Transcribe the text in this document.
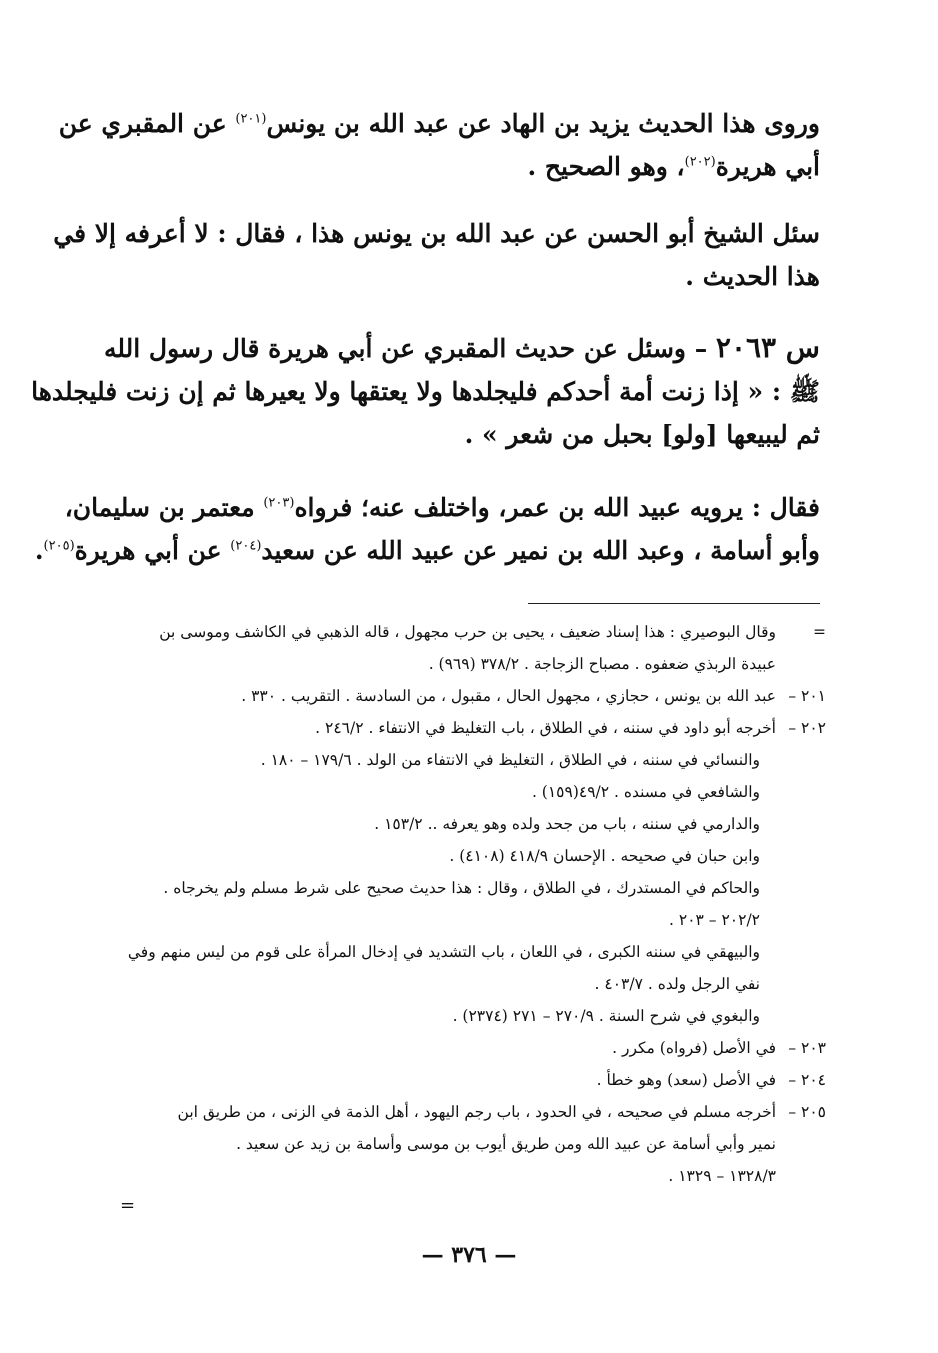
وروى هذا الحديث يزيد بن الهاد عن عبد الله بن يونس$^{(٢٠١)}$ عن المقبري عن
أبي هريرة$^{(٢٠٢)}$، وهو الصحيح .
سئل الشيخ أبو الحسن عن عبد الله بن يونس هذا ، فقال : لا أعرفه إلا في
هذا الحديث .
س ٢٠٦٣ – وسئل عن حديث المقبري عن أبي هريرة قال رسول الله
ﷺ : « إذا زنت أمة أحدكم فليجلدها ولا يعتقها ولا يعيرها ثم إن زنت فليجلدها
ثم ليبيعها [ولو] بحبل من شعر » .
فقال : يرويه عبيد الله بن عمر، واختلف عنه؛ فرواه$^{(٢٠٣)}$ معتمر بن سليمان،
وأبو أسامة ، وعبد الله بن نمير عن عبيد الله عن سعيد$^{(٢٠٤)}$ عن أبي هريرة$^{(٢٠٥)}$.
=
وقال البوصيري : هذا إسناد ضعيف ، يحيى بن حرب مجهول ، قاله الذهبي في الكاشف وموسى بن
عبيدة الربذي ضعفوه . مصباح الزجاجة . ٣٧٨/٢ (٩٦٩) .
٢٠١ –
عبد الله بن يونس ، حجازي ، مجهول الحال ، مقبول ، من السادسة . التقريب . ٣٣٠ .
٢٠٢ –
أخرجه أبو داود في سننه ، في الطلاق ، باب التغليظ في الانتفاء . ٢٤٦/٢ .
والنسائي في سننه ، في الطلاق ، التغليظ في الانتفاء من الولد . ١٧٩/٦ – ١٨٠ .
والشافعي في مسنده . ٤٩/٢(١٥٩) .
والدارمي في سننه ، باب من جحد ولده وهو يعرفه .. ١٥٣/٢ .
وابن حبان في صحيحه . الإحسان ٤١٨/٩ (٤١٠٨) .
والحاكم في المستدرك ، في الطلاق ، وقال : هذا حديث صحيح على شرط مسلم ولم يخرجاه .
٢٠٢/٢ – ٢٠٣ .
والبيهقي في سننه الكبرى ، في اللعان ، باب التشديد في إدخال المرأة على قوم من ليس منهم وفي
نفي الرجل ولده . ٤٠٣/٧ .
والبغوي في شرح السنة . ٢٧٠/٩ – ٢٧١ (٢٣٧٤) .
٢٠٣ –
في الأصل (فرواه) مكرر .
٢٠٤ –
في الأصل (سعد) وهو خطأ .
٢٠٥ –
أخرجه مسلم في صحيحه ، في الحدود ، باب رجم اليهود ، أهل الذمة في الزنى ، من طريق ابن
نمير وأبي أسامة عن عبيد الله ومن طريق أيوب بن موسى وأسامة بن زيد عن سعيد .
١٣٢٨/٣ – ١٣٢٩ .
=
— ٣٧٦ —
